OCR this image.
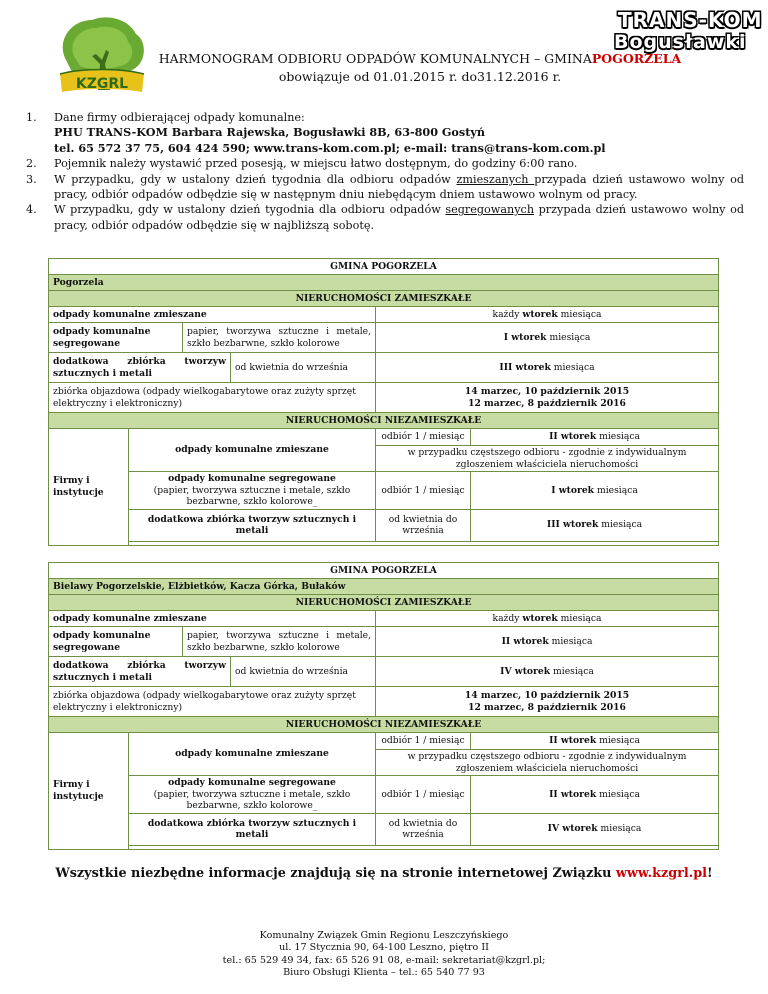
KZGRL
TRANS-KOM
Bogusławki
HARMONOGRAM ODBIORU ODPADÓW KOMUNALNYCH – GMINAPOGORZELA
obowiązuje od 01.01.2015 r. do31.12.2016 r.
1.	Dane firmy odbierającej odpady komunalne:
PHU TRANS-KOM Barbara Rajewska, Bogusławki 8B, 63-800 Gostyń
tel. 65 572 37 75, 604 424 590; www.trans-kom.com.pl; e-mail: trans@trans-kom.com.pl
2.	Pojemnik należy wystawić przed posesją, w miejscu łatwo dostępnym, do godziny 6:00 rano.
3.	W przypadku, gdy w ustalony dzień tygodnia dla odbioru odpadów zmieszanych przypada dzień ustawowo wolny od pracy, odbiór odpadów odbędzie się w następnym dniu niebędącym dniem ustawowo wolnym od pracy.
4.	W przypadku, gdy w ustalony dzień tygodnia dla odbioru odpadów segregowanych przypada dzień ustawowo wolny od pracy, odbiór odpadów odbędzie się w najbliższą sobotę.
GMINA POGORZELA					
Pogorzela					
NIERUCHOMOŚCI ZAMIESZKAŁE					
odpady komunalne zmieszane				każdy wtorek miesiąca	
odpady komunalne segregowane		papier, tworzywa sztuczne i metale, szkło bezbarwne, szkło kolorowe		I wtorek miesiąca	
dodatkowa zbiórka tworzyw sztucznych i metali			od kwietnia do września	III wtorek miesiąca	
zbiórka objazdowa (odpady wielkogabarytowe oraz zużyty sprzęt elektryczny i elektroniczny)				14 marzec, 10 październik 2015
12 marzec, 8 październik 2016	

NIERUCHOMOŚCI NIEZAMIESZKAŁE					
Firmy i instytucje	odpady komunalne zmieszane			odbiór 1 / miesiąc	II wtorek miesiąca
				w przypadku częstszego odbioru - zgodnie z indywidualnym zgłoszeniem właściciela nieruchomości	

	odpady komunalne segregowane
(papier, tworzywa sztuczne i metale, szkło bezbarwne, szkło kolorowe_			odbiór 1 / miesiąc	I wtorek miesiąca
	dodatkowa zbiórka tworzyw sztucznych i metali			od kwietnia do września	III wtorek miesiąca

GMINA POGORZELA					
Bielawy Pogorzelskie, Elżbietków, Kacza Górka, Bułaków					
NIERUCHOMOŚCI ZAMIESZKAŁE					
odpady komunalne zmieszane				każdy wtorek miesiąca	
odpady komunalne segregowane		papier, tworzywa sztuczne i metale, szkło bezbarwne, szkło kolorowe		II wtorek miesiąca	
dodatkowa zbiórka tworzyw sztucznych i metali			od kwietnia do września	IV wtorek miesiąca	
zbiórka objazdowa (odpady wielkogabarytowe oraz zużyty sprzęt elektryczny i elektroniczny)				14 marzec, 10 październik 2015
12 marzec, 8 październik 2016	

NIERUCHOMOŚCI NIEZAMIESZKAŁE					
Firmy i instytucje	odpady komunalne zmieszane			odbiór 1 / miesiąc	II wtorek miesiąca
				w przypadku częstszego odbioru - zgodnie z indywidualnym zgłoszeniem właściciela nieruchomości	

	odpady komunalne segregowane
(papier, tworzywa sztuczne i metale, szkło bezbarwne, szkło kolorowe_			odbiór 1 / miesiąc	II wtorek miesiąca
	dodatkowa zbiórka tworzyw sztucznych i metali			od kwietnia do września	IV wtorek miesiąca

Wszystkie niezbędne informacje znajdują się na stronie internetowej Związku www.kzgrl.pl!
Komunalny Związek Gmin Regionu Leszczyńskiego
ul. 17 Stycznia 90, 64-100 Leszno, piętro II
tel.: 65 529 49 34, fax: 65 526 91 08, e-mail: sekretariat@kzgrl.pl;
Biuro Obsługi Klienta – tel.: 65 540 77 93
